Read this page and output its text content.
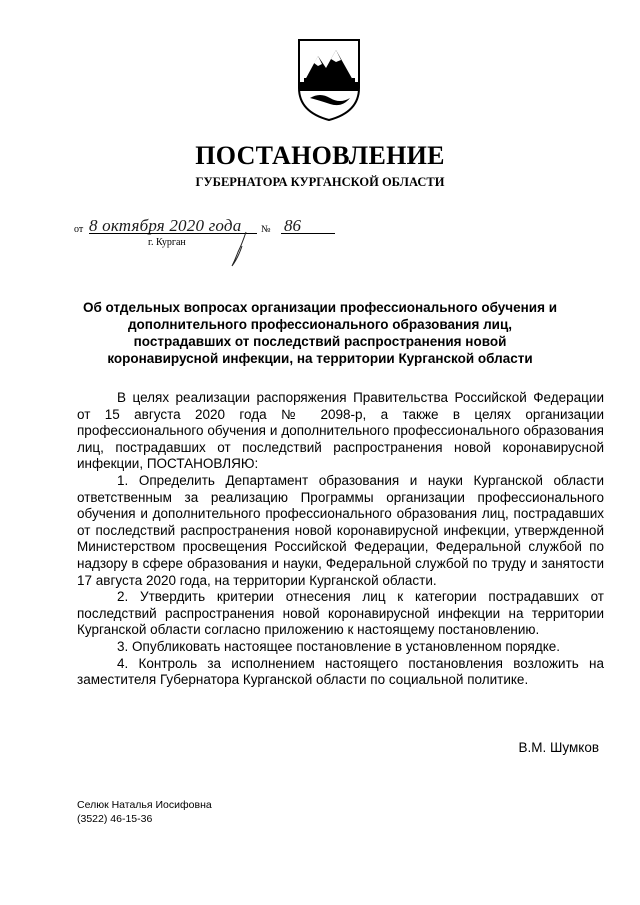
ПОСТАНОВЛЕНИЕ
ГУБЕРНАТОРА КУРГАНСКОЙ ОБЛАСТИ
от 8 октября 2020 года № 86
г. Курган
Об отдельных вопросах организации профессионального обучения и дополнительного профессионального образования лиц, пострадавших от последствий распространения новой коронавирусной инфекции, на территории Курганской области

В целях реализации распоряжения Правительства Российской Федерации от 15 августа 2020 года № 2098-р, а также в целях организации профессионального обучения и дополнительного профессионального образования лиц, пострадавших от последствий распространения новой коронавирусной инфекции, ПОСТАНОВЛЯЮ:

1. Определить Департамент образования и науки Курганской области ответственным за реализацию Программы организации профессионального обучения и дополнительного профессионального образования лиц, пострадавших от последствий распространения новой коронавирусной инфекции, утвержденной Министерством просвещения Российской Федерации, Федеральной службой по надзору в сфере образования и науки, Федеральной службой по труду и занятости 17 августа 2020 года, на территории Курганской области.

2. Утвердить критерии отнесения лиц к категории пострадавших от последствий распространения новой коронавирусной инфекции на территории Курганской области согласно приложению к настоящему постановлению.

3. Опубликовать настоящее постановление в установленном порядке.

4. Контроль за исполнением настоящего постановления возложить на заместителя Губернатора Курганской области по социальной политике.

В.М. Шумков
Селюк Наталья Иосифовна
(3522) 46-15-36
